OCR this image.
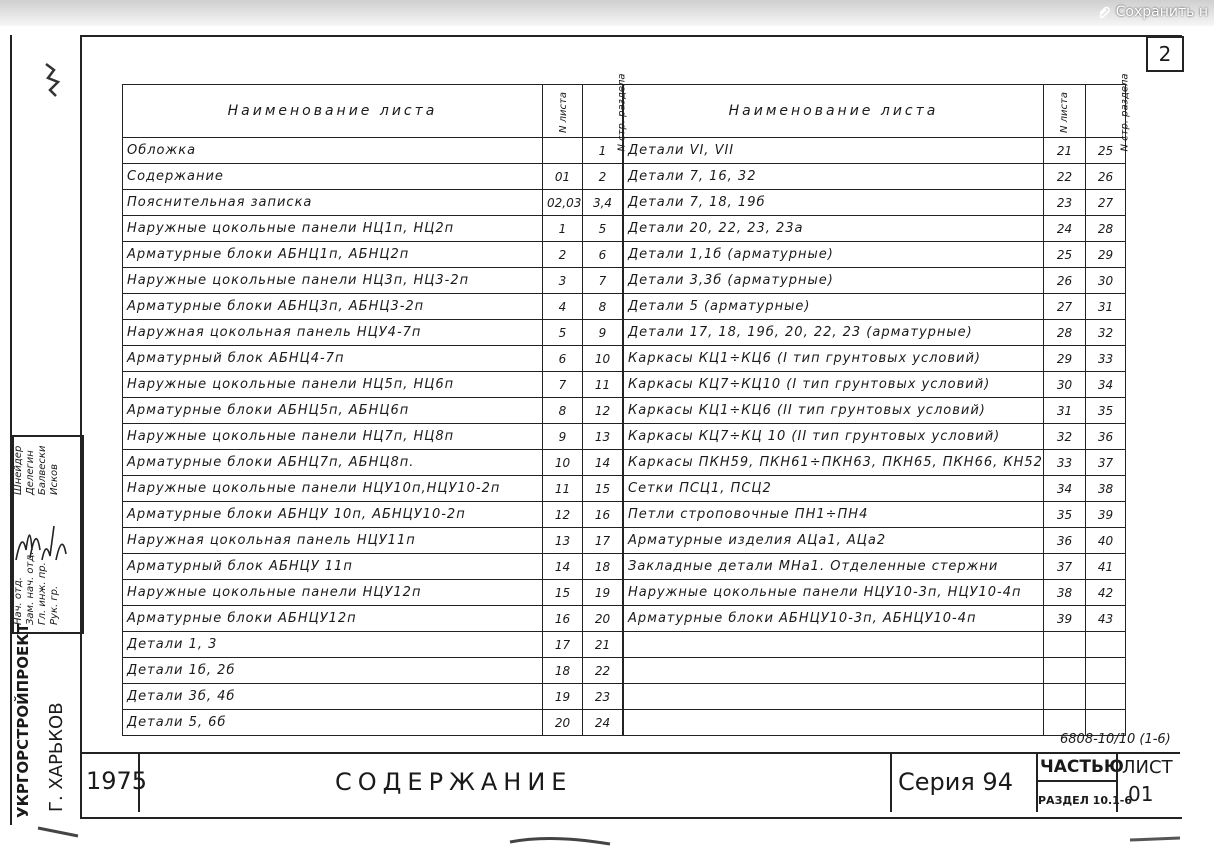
Сохранить н
2
Наименование листа	N листа	N стр. раздела
Обложка		1
Содержание	01	2
Пояснительная записка	02,03	3,4
Наружные цокольные панели НЦ1п, НЦ2п	1	5
Арматурные блоки АБНЦ1п, АБНЦ2п	2	6
Наружные цокольные панели НЦ3п, НЦ3-2п	3	7
Арматурные блоки АБНЦ3п, АБНЦ3-2п	4	8
Наружная цокольная панель НЦУ4-7п	5	9
Арматурный блок АБНЦ4-7п	6	10
Наружные цокольные панели НЦ5п, НЦ6п	7	11
Арматурные блоки АБНЦ5п, АБНЦ6п	8	12
Наружные цокольные панели НЦ7п, НЦ8п	9	13
Арматурные блоки АБНЦ7п, АБНЦ8п.	10	14
Наружные цокольные панели НЦУ10п,НЦУ10-2п	11	15
Арматурные блоки АБНЦУ 10п, АБНЦУ10-2п	12	16
Наружная цокольная панель НЦУ11п	13	17
Арматурный блок АБНЦУ 11п	14	18
Наружные цокольные панели НЦУ12п	15	19
Арматурные блоки АБНЦУ12п	16	20
Детали 1, 3	17	21
Детали 1б, 2б	18	22
Детали 3б, 4б	19	23
Детали 5, 6б	20	24
Наименование листа	N листа	N стр. раздела
Детали VI, VII	21	25
Детали 7, 16, 32	22	26
Детали 7, 18, 19б	23	27
Детали 20, 22, 23, 23а	24	28
Детали 1,1б (арматурные)	25	29
Детали 3,3б (арматурные)	26	30
Детали 5 (арматурные)	27	31
Детали 17, 18, 19б, 20, 22, 23 (арматурные)	28	32
Каркасы КЦ1÷КЦ6 (I тип грунтовых условий)	29	33
Каркасы КЦ7÷КЦ10 (I тип грунтовых условий)	30	34
Каркасы КЦ1÷КЦ6 (II тип грунтовых условий)	31	35
Каркасы КЦ7÷КЦ 10 (II тип грунтовых условий)	32	36
Каркасы ПКН59, ПКН61÷ПКН63, ПКН65, ПКН66, КН52	33	37
Сетки ПСЦ1, ПСЦ2	34	38
Петли строповочные ПН1÷ПН4	35	39
Арматурные изделия АЦа1, АЦа2	36	40
Закладные детали МНа1. Отделенные стержни	37	41
Наружные цокольные панели НЦУ10-3п, НЦУ10-4п	38	42
Арматурные блоки АБНЦУ10-3п, АБНЦУ10-4п	39	43

6808-10/10 (1-6)
1975	СОДЕРЖАНИЕ	Серия 94
ЧАСТЬЮ
РАЗДЕЛ 10.1-6
ЛИСТ
01
Нач. отд. Зам. нач. отд. Гл. инж. пр. Рук. гр.
Шнейдер Делегин Балвески Исков
УКРГОРСТРОЙПРОЕКТ Г. ХАРЬКОВ
